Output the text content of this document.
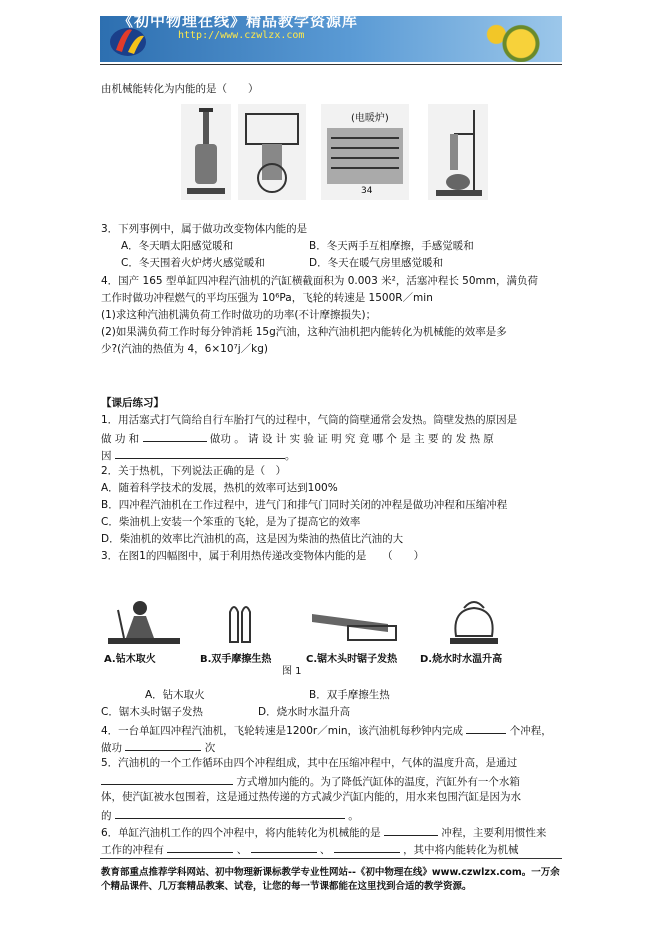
《初中物理在线》精品教学资源库
http://www.czwlzx.com
由机械能转化为内能的是（　　）
(电暖炉)
34
3．下列事例中，属于做功改变物体内能的是
A．冬天晒太阳感觉暖和	B．冬天两手互相摩擦，手感觉暖和
C．冬天围着火炉烤火感觉暖和	D．冬天在暖气房里感觉暖和
4．国产 165 型单缸四冲程汽油机的汽缸横截面积为 0.003 米²，活塞冲程长 50mm，满负荷
工作时做功冲程燃气的平均压强为 10⁶Pa，飞轮的转速是 1500R／min
(1)求这种汽油机满负荷工作时做功的功率(不计摩擦损失)；
(2)如果满负荷工作时每分钟消耗 15g汽油，这种汽油机把内能转化为机械能的效率是多
少?(汽油的热值为 4，6×10⁷j／kg)
【课后练习】
1．用活塞式打气筒给自行车胎打气的过程中，气筒的筒壁通常会发热。筒壁发热的原因是
做 功 和	做功 。 请 设 计 实 验 证 明 究 竟 哪 个 是 主 要 的 发 热 原
因	。
2．关于热机，下列说法正确的是（　）
A．随着科学技术的发展，热机的效率可达到100%
B．四冲程汽油机在工作过程中，进气门和排气门同时关闭的冲程是做功冲程和压缩冲程
C．柴油机上安装一个笨重的飞轮，是为了提高它的效率
D．柴油机的效率比汽油机的高，这是因为柴油的热值比汽油的大
3．在图1的四幅图中，属于利用热传递改变物体内能的是　　（　　）
A.钻木取火	B.双手摩擦生热	C.锯木头时锯子发热 D.烧水时水温升高
图 1
A．钻木取火	B．双手摩擦生热
C．锯木头时锯子发热	D．烧水时水温升高
4．一台单缸四冲程汽油机，飞轮转速是1200r／min，该汽油机每秒钟内完成	个冲程，
做功	次
5．汽油机的一个工作循环由四个冲程组成，其中在压缩冲程中，气体的温度升高，是通过
方式增加内能的。为了降低汽缸体的温度，汽缸外有一个水箱
体，使汽缸被水包围着，这是通过热传递的方式减少汽缸内能的，用水来包围汽缸是因为水
的	。
6．单缸汽油机工作的四个冲程中，将内能转化为机械能的是	冲程，主要利用惯性来
工作的冲程有	、	、	，其中将内能转化为机械
教育部重点推荐学科网站、初中物理新课标教学专业性网站--《初中物理在线》www.czwlzx.com。一万余
个精品课件、几万套精品教案、试卷，让您的每一节课都能在这里找到合适的教学资源。
